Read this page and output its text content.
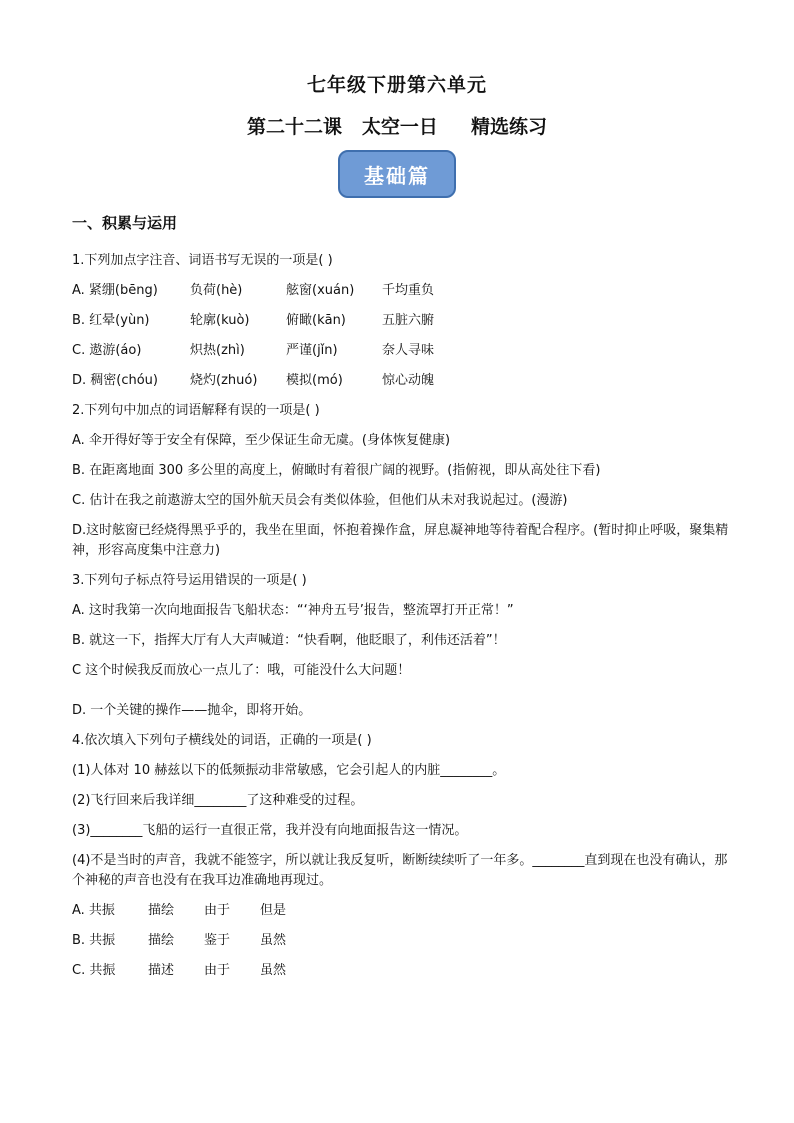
七年级下册第六单元
第二十二课   太空一日     精选练习
基础篇
一、积累与运用
1.下列加点字注音、词语书写无误的一项是( )
A. 紧绷(bēng)	负荷(hè)	舷窗(xuán)	千均重负
B. 红晕(yùn)	轮廓(kuò)	俯瞰(kān)	五脏六腑
C. 遨游(áo)	炽热(zhì)	严谨(jǐn)	奈人寻味
D. 稠密(chóu)	烧灼(zhuó)	模拟(mó)	惊心动魄
2.下列句中加点的词语解释有误的一项是( )
A. 伞开得好等于安全有保障，至少保证生命无虞。(身体恢复健康)
B. 在距离地面 300 多公里的高度上，俯瞰时有着很广阔的视野。(指俯视，即从高处往下看)
C. 估计在我之前遨游太空的国外航天员会有类似体验，但他们从未对我说起过。(漫游)
D.这时舷窗已经烧得黑乎乎的，我坐在里面，怀抱着操作盒，屏息凝神地等待着配合程序。(暂时抑止呼吸，聚集精神，形容高度集中注意力)
3.下列句子标点符号运用错误的一项是( )
A. 这时我第一次向地面报告飞船状态：“‘神舟五号’报告，整流罩打开正常！”
B. 就这一下，指挥大厅有人大声喊道：“快看啊，他眨眼了，利伟还活着”！
C 这个时候我反而放心一点儿了：哦，可能没什么大问题！
D. 一个关键的操作——抛伞，即将开始。
4.依次填入下列句子横线处的词语，正确的一项是( )
(1)人体对 10 赫兹以下的低频振动非常敏感，它会引起人的内脏________。
(2)飞行回来后我详细________了这种难受的过程。
(3)________飞船的运行一直很正常，我并没有向地面报告这一情况。
(4)不是当时的声音，我就不能签字，所以就让我反复听，断断续续听了一年多。________直到现在也没有确认，那个神秘的声音也没有在我耳边准确地再现过。
A. 共振	描绘	由于	但是
B. 共振	描绘	鉴于	虽然
C. 共振	描述	由于	虽然
